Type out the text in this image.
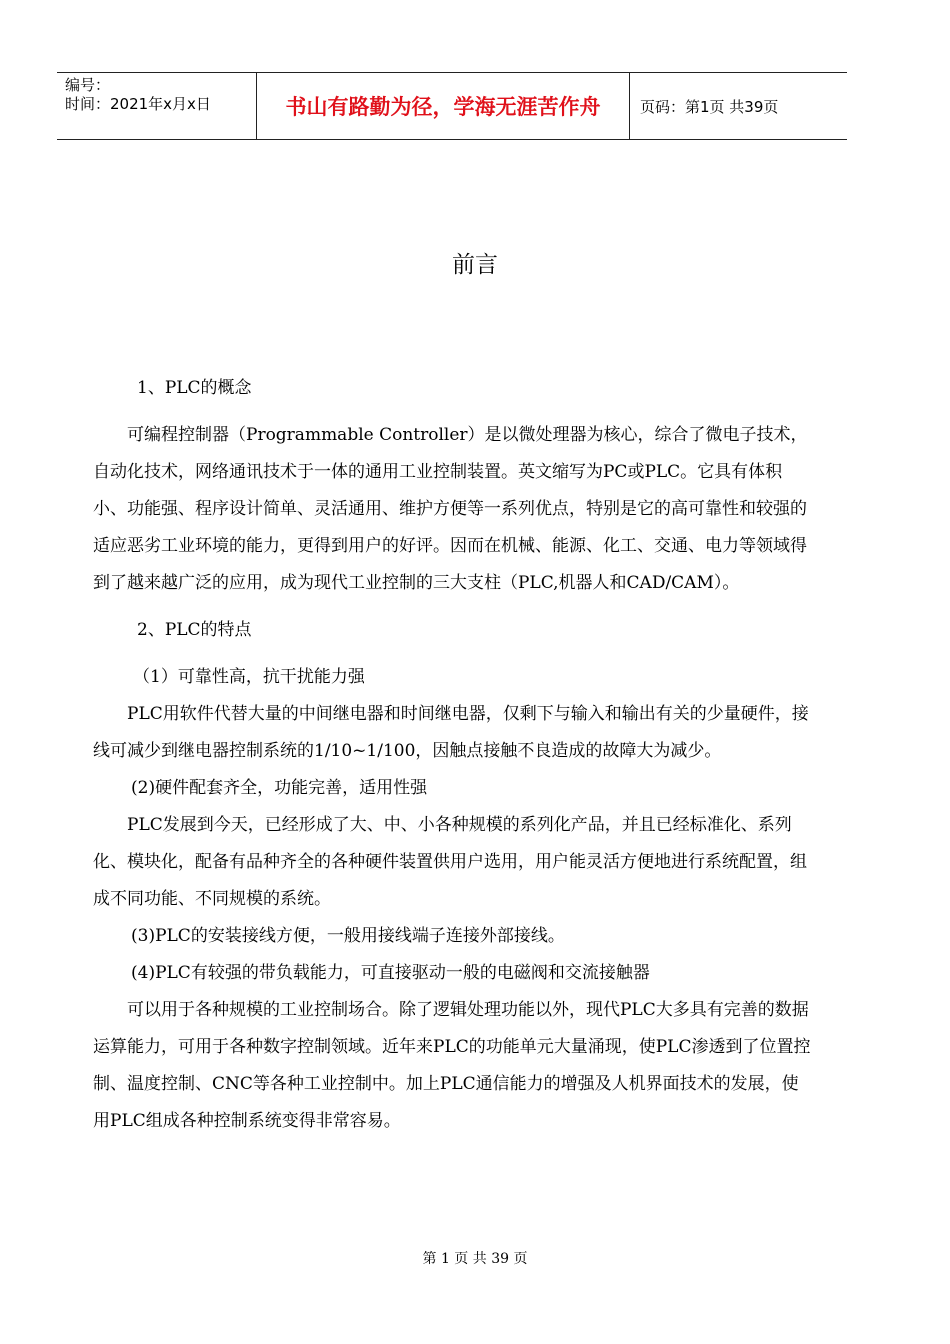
编号：
时间：2021年x月x日	书山有路勤为径，学海无涯苦作舟	页码：第1页 共39页
前言

1、PLC的概念

可编程控制器（Programmable Controller）是以微处理器为核心，综合了微电子技术，自动化技术，网络通讯技术于一体的通用工业控制装置。英文缩写为PC或PLC。它具有体积小、功能强、程序设计简单、灵活通用、维护方便等一系列优点，特别是它的高可靠性和较强的适应恶劣工业环境的能力，更得到用户的好评。因而在机械、能源、化工、交通、电力等领域得到了越来越广泛的应用，成为现代工业控制的三大支柱（PLC,机器人和CAD/CAM）。

2、PLC的特点

（1）可靠性高，抗干扰能力强

PLC用软件代替大量的中间继电器和时间继电器，仅剩下与输入和输出有关的少量硬件，接线可减少到继电器控制系统的1/10~1/100，因触点接触不良造成的故障大为减少。

(2)硬件配套齐全，功能完善，适用性强

PLC发展到今天，已经形成了大、中、小各种规模的系列化产品，并且已经标准化、系列化、模块化，配备有品种齐全的各种硬件装置供用户选用，用户能灵活方便地进行系统配置，组成不同功能、不同规模的系统。

(3)PLC的安装接线方便，一般用接线端子连接外部接线。

(4)PLC有较强的带负载能力，可直接驱动一般的电磁阀和交流接触器

可以用于各种规模的工业控制场合。除了逻辑处理功能以外，现代PLC大多具有完善的数据运算能力，可用于各种数字控制领域。近年来PLC的功能单元大量涌现，使PLC渗透到了位置控制、温度控制、CNC等各种工业控制中。加上PLC通信能力的增强及人机界面技术的发展，使用PLC组成各种控制系统变得非常容易。

第 1 页 共 39 页
